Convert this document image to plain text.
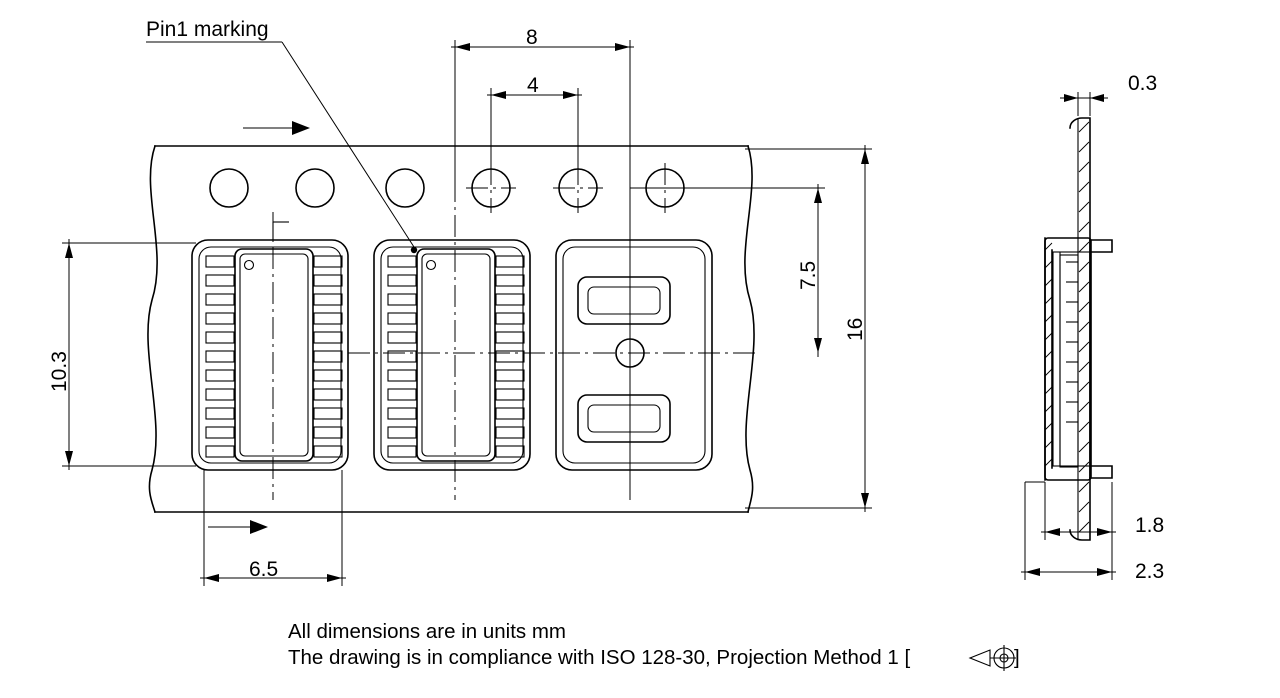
Pin1 marking	8
4
7.5
16
10.3
6.5
0.3
1.8
2.3
All dimensions are in units mm
The drawing is in compliance with ISO 128-30, Projection Method 1 [	]
